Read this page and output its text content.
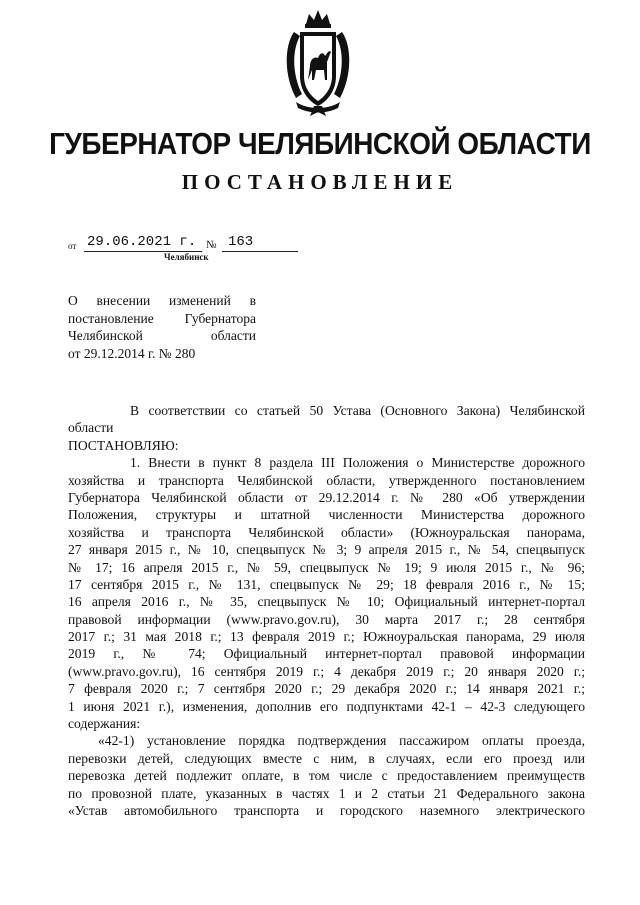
ГУБЕРНАТОР ЧЕЛЯБИНСКОЙ ОБЛАСТИ
ПОСТАНОВЛЕНИЕ
от 29.06.2021 г. № 163
Челябинск
О внесении изменений в
постановление Губернатора
Челябинской области
от 29.12.2014 г. № 280
В соответствии со статьей 50 Устава (Основного Закона) Челябинской
области
ПОСТАНОВЛЯЮ:
1. Внести в пункт 8 раздела III Положения о Министерстве дорожного
хозяйства и транспорта Челябинской области, утвержденного постановлением
Губернатора Челябинской области от 29.12.2014 г. № 280 «Об утверждении
Положения, структуры и штатной численности Министерства дорожного
хозяйства и транспорта Челябинской области» (Южноуральская панорама,
27 января 2015 г., № 10, спецвыпуск № 3; 9 апреля 2015 г., № 54, спецвыпуск
№ 17; 16 апреля 2015 г., № 59, спецвыпуск № 19; 9 июля 2015 г., № 96;
17 сентября 2015 г., № 131, спецвыпуск № 29; 18 февраля 2016 г., № 15;
16 апреля 2016 г., № 35, спецвыпуск № 10; Официальный интернет-портал
правовой информации (www.pravo.gov.ru), 30 марта 2017 г.; 28 сентября
2017 г.; 31 мая 2018 г.; 13 февраля 2019 г.; Южноуральская панорама, 29 июля
2019 г., № 74; Официальный интернет-портал правовой информации
(www.pravo.gov.ru), 16 сентября 2019 г.; 4 декабря 2019 г.; 20 января 2020 г.;
7 февраля 2020 г.; 7 сентября 2020 г.; 29 декабря 2020 г.; 14 января 2021 г.;
1 июня 2021 г.), изменения, дополнив его подпунктами 42-1 – 42-3 следующего
содержания:
«42-1) установление порядка подтверждения пассажиром оплаты проезда,
перевозки детей, следующих вместе с ним, в случаях, если его проезд или
перевозка детей подлежит оплате, в том числе с предоставлением преимуществ
по провозной плате, указанных в частях 1 и 2 статьи 21 Федерального закона
«Устав автомобильного транспорта и городского наземного электрического
